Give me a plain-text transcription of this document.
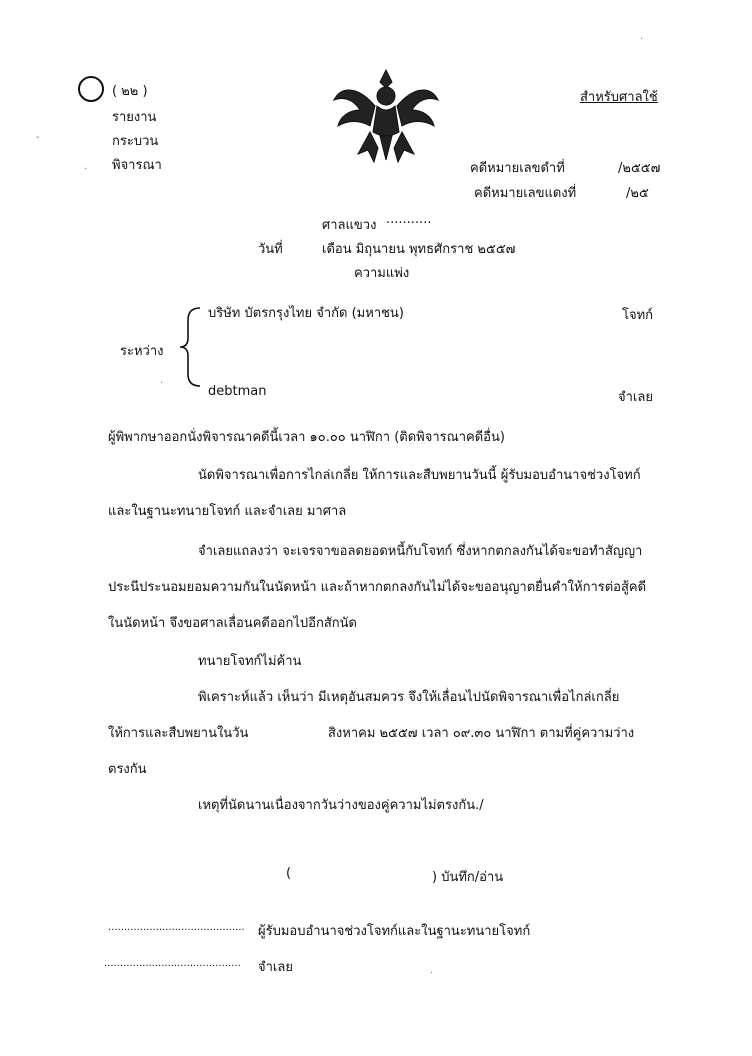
( ๒๒ )
รายงาน
กระบวน
พิจารณา
สำหรับศาลใช้
คดีหมายเลขดำที่	/๒๕๕๗
คดีหมายเลขแดงที่	/๒๕
ศาลแขวง ...........
วันที่	เดือน มิถุนายน พุทธศักราช ๒๕๕๗
ความแพ่ง
บริษัท บัตรกรุงไทย จำกัด (มหาชน)	โจทก์
ระหว่าง
debtman	จำเลย
ผู้พิพากษาออกนั่งพิจารณาคดีนี้เวลา ๑๐.๐๐ นาฬิกา (ติดพิจารณาคดีอื่น)
นัดพิจารณาเพื่อการไกล่เกลี่ย ให้การและสืบพยานวันนี้ ผู้รับมอบอำนาจช่วงโจทก์
และในฐานะทนายโจทก์ และจำเลย มาศาล
จำเลยแถลงว่า จะเจรจาขอลดยอดหนี้กับโจทก์ ซึ่งหากตกลงกันได้จะขอทำสัญญา
ประนีประนอมยอมความกันในนัดหน้า และถ้าหากตกลงกันไม่ได้จะขออนุญาตยื่นคำให้การต่อสู้คดี
ในนัดหน้า จึงขอศาลเลื่อนคดีออกไปอีกสักนัด
ทนายโจทก์ไม่ค้าน
พิเคราะห์แล้ว เห็นว่า มีเหตุอันสมควร จึงให้เลื่อนไปนัดพิจารณาเพื่อไกล่เกลี่ย
ให้การและสืบพยานในวัน	สิงหาคม ๒๕๕๗ เวลา ๐๙.๓๐ นาฬิกา ตามที่คู่ความว่าง
ตรงกัน
เหตุที่นัดนานเนื่องจากวันว่างของคู่ความไม่ตรงกัน./
(	) บันทึก/อ่าน
........................................... ผู้รับมอบอำนาจช่วงโจทก์และในฐานะทนายโจทก์
........................................... จำเลย
-
·
·
·
·
